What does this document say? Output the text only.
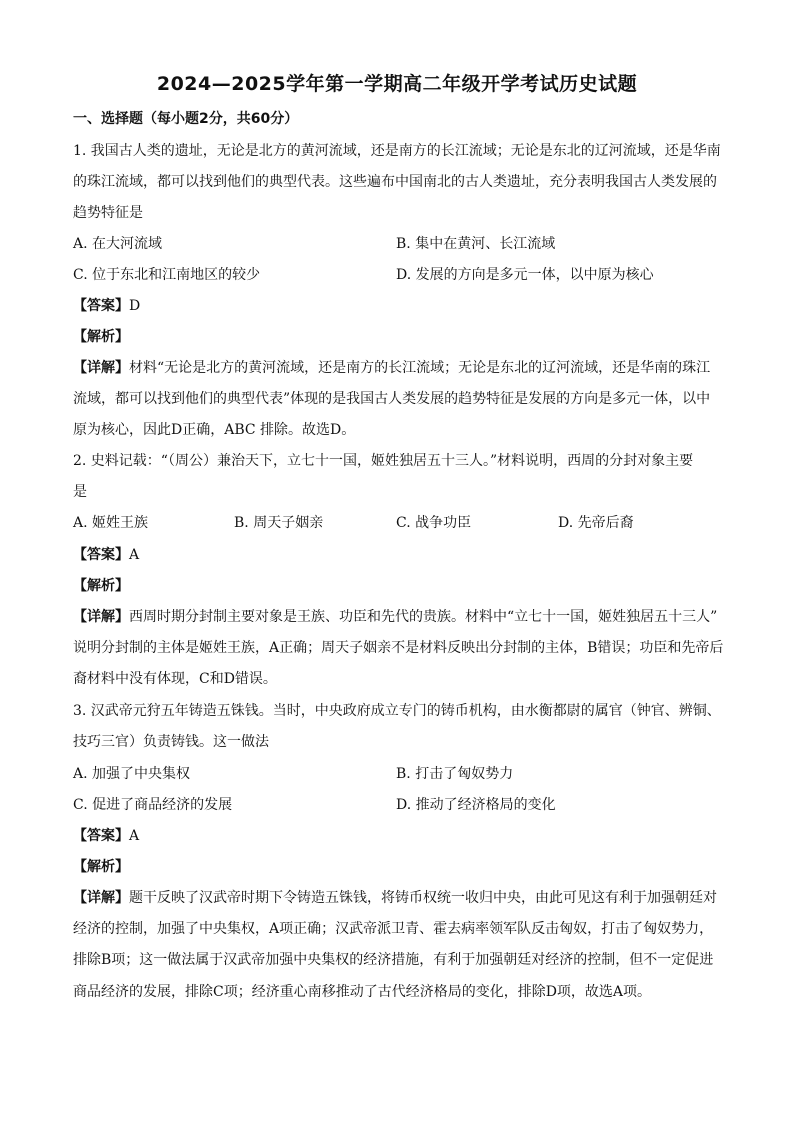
2024—2025学年第一学期高二年级开学考试历史试题
一、选择题（每小题2分，共60分）
1. 我国古人类的遗址，无论是北方的黄河流域，还是南方的长江流域；无论是东北的辽河流域，还是华南
的珠江流域，都可以找到他们的典型代表。这些遍布中国南北的古人类遗址，充分表明我国古人类发展的
趋势特征是
A. 在大河流域	B. 集中在黄河、长江流域
C. 位于东北和江南地区的较少	D. 发展的方向是多元一体，以中原为核心
【答案】D
【解析】
【详解】材料“无论是北方的黄河流域，还是南方的长江流域；无论是东北的辽河流域，还是华南的珠江
流域，都可以找到他们的典型代表”体现的是我国古人类发展的趋势特征是发展的方向是多元一体，以中
原为核心，因此D正确，ABC 排除。故选D。
2. 史料记载：“（周公）兼治天下，立七十一国，姬姓独居五十三人。”材料说明，西周的分封对象主要
是
A. 姬姓王族	B. 周天子姻亲	C. 战争功臣	D. 先帝后裔
【答案】A
【解析】
【详解】西周时期分封制主要对象是王族、功臣和先代的贵族。材料中“立七十一国，姬姓独居五十三人”
说明分封制的主体是姬姓王族，A正确；周天子姻亲不是材料反映出分封制的主体，B错误；功臣和先帝后
裔材料中没有体现，C和D错误。
3. 汉武帝元狩五年铸造五铢钱。当时，中央政府成立专门的铸币机构，由水衡都尉的属官（钟官、辨铜、
技巧三官）负责铸钱。这一做法
A. 加强了中央集权	B. 打击了匈奴势力
C. 促进了商品经济的发展	D. 推动了经济格局的变化
【答案】A
【解析】
【详解】题干反映了汉武帝时期下令铸造五铢钱，将铸币权统一收归中央，由此可见这有利于加强朝廷对
经济的控制，加强了中央集权，A项正确；汉武帝派卫青、霍去病率领军队反击匈奴，打击了匈奴势力，
排除B项；这一做法属于汉武帝加强中央集权的经济措施，有利于加强朝廷对经济的控制，但不一定促进
商品经济的发展，排除C项；经济重心南移推动了古代经济格局的变化，排除D项，故选A项。
